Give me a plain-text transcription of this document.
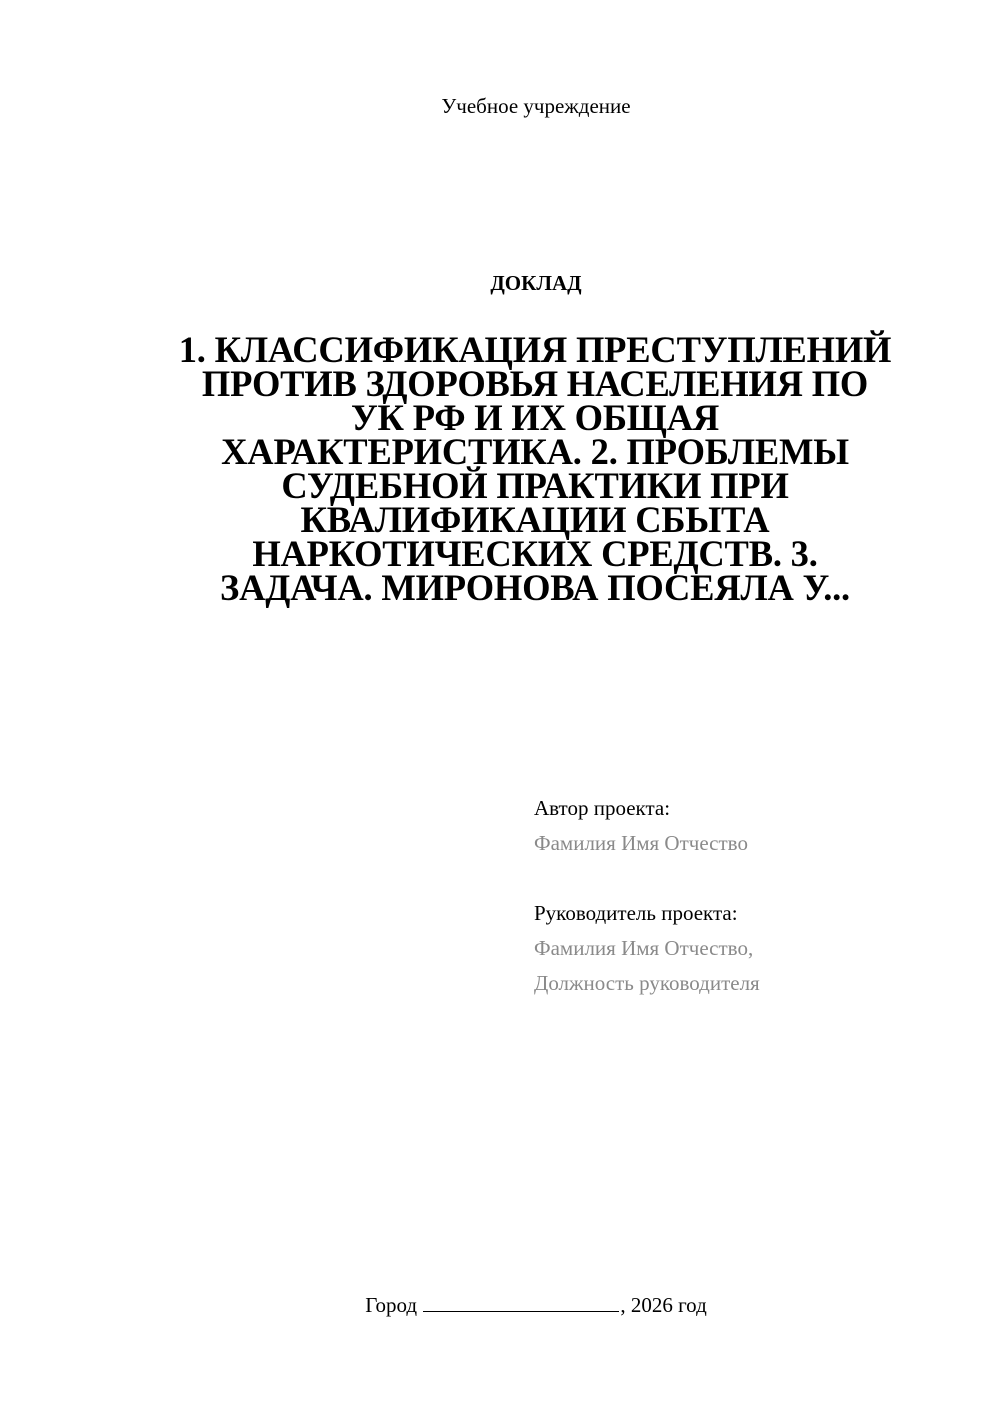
Учебное учреждение
ДОКЛАД
1. КЛАССИФИКАЦИЯ ПРЕСТУПЛЕНИЙ
ПРОТИВ ЗДОРОВЬЯ НАСЕЛЕНИЯ ПО
УК РФ И ИХ ОБЩАЯ
ХАРАКТЕРИСТИКА. 2. ПРОБЛЕМЫ
СУДЕБНОЙ ПРАКТИКИ ПРИ
КВАЛИФИКАЦИИ СБЫТА
НАРКОТИЧЕСКИХ СРЕДСТВ. 3.
ЗАДАЧА. МИРОНОВА ПОСЕЯЛА У...
Автор проекта:
Фамилия Имя Отчество
Руководитель проекта:
Фамилия Имя Отчество,
Должность руководителя
Город	, 2026 год
